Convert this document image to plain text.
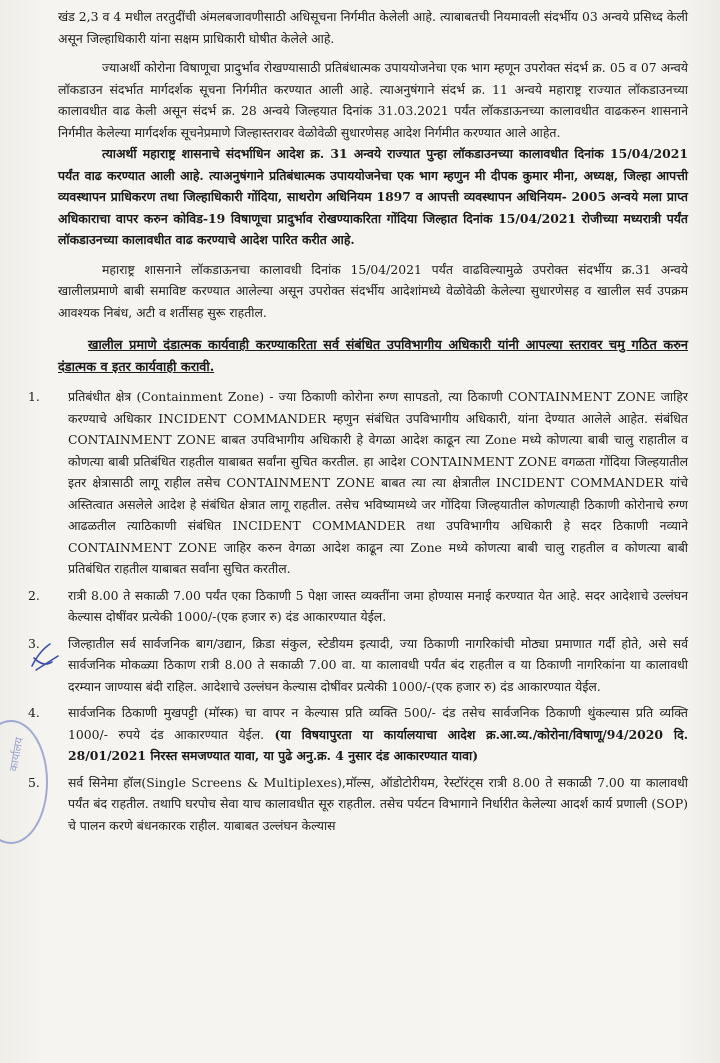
कार्यालय

खंड 2,3 व 4 मधील तरतुदींची अंमलबजावणीसाठी अधिसूचना निर्गमीत केलेली आहे. त्याबाबतची नियमावली संदर्भीय 03 अन्वये प्रसिध्द केली असून जिल्हाधिकारी यांना सक्षम प्राधिकारी घोषीत केलेले आहे.

ज्याअर्थी कोरोना विषाणूचा प्रादुर्भाव रोखण्यासाठी प्रतिबंधात्मक उपाययोजनेचा एक भाग म्हणून उपरोक्त संदर्भ क्र. 05 व 07 अन्वये लॉकडाउन संदर्भात मार्गदर्शक सूचना निर्गमीत करण्यात आली आहे. त्याअनुषंगाने संदर्भ क्र. 11 अन्वये महाराष्ट्र राज्यात लॉकडाउनच्या कालावधीत वाढ केली असून संदर्भ क्र. 28 अन्वये जिल्हयात दिनांक 31.03.2021 पर्यंत लॉकडाऊनच्या कालावधीत वाढकरुन शासनाने निर्गमीत केलेल्या मार्गदर्शक सूचनेप्रमाणे जिल्हास्तरावर वेळोवेळी सुधारणेसह आदेश निर्गमीत करण्यात आले आहेत.

त्याअर्थी महाराष्ट्र शासनाचे संदर्भाधिन आदेश क्र. 31 अन्वये राज्यात पुन्हा लॉकडाउनच्या कालावधीत दिनांक 15/04/2021 पर्यंत वाढ करण्यात आली आहे. त्याअनुषंगाने प्रतिबंधात्मक उपाययोजनेचा एक भाग म्हणुन मी दीपक कुमार मीना, अध्यक्ष, जिल्हा आपत्ती व्यवस्थापन प्राधिकरण तथा जिल्हाधिकारी गोंदिया, साथरोग अधिनियम 1897 व आपत्ती व्यवस्थापन अधिनियम- 2005 अन्वये मला प्राप्त अधिकाराचा वापर करुन कोविड-19 विषाणूचा प्रादुर्भाव रोखण्याकरिता गोंदिया जिल्हात दिनांक 15/04/2021 रोजीच्या मध्यरात्री पर्यंत लॉकडाउनच्या कालावधीत वाढ करण्याचे आदेश पारित करीत आहे.

महाराष्ट्र शासनाने लॉकडाऊनचा कालावधी दिनांक 15/04/2021 पर्यंत वाढविल्यामुळे उपरोक्त संदर्भीय क्र.31 अन्वये खालीलप्रमाणे बाबी समाविष्ट करण्यात आलेल्या असून उपरोक्त संदर्भीय आदेशांमध्ये वेळोवेळी केलेल्या सुधारणेसह व खालील सर्व उपक्रम आवश्यक निबंध, अटी व शर्तीसह सुरू राहतील.

खालील प्रमाणे दंडात्मक कार्यवाही करण्याकरिता सर्व संबंधित उपविभागीय अधिकारी यांनी आपल्या स्तरावर चमु गठित करुन दंडात्मक व इतर कार्यवाही करावी.

1. प्रतिबंधीत क्षेत्र (Containment Zone) - ज्या ठिकाणी कोरोना रुग्ण सापडतो, त्या ठिकाणी CONTAINMENT ZONE जाहिर करण्याचे अधिकार INCIDENT COMMANDER म्हणुन संबंधित उपविभागीय अधिकारी, यांना देण्यात आलेले आहेत. संबंधित CONTAINMENT ZONE बाबत उपविभागीय अधिकारी हे वेगळा आदेश काढून त्या Zone मध्ये कोणत्या बाबी चालु राहातील व कोणत्या बाबी प्रतिबंधित राहतील याबाबत सर्वांना सुचित करतील. हा आदेश CONTAINMENT ZONE वगळता गोंदिया जिल्हयातील इतर क्षेत्रासाठी लागू राहील तसेच CONTAINMENT ZONE बाबत त्या त्या क्षेत्रातील INCIDENT COMMANDER यांचे अस्तित्वात असलेले आदेश हे संबंधित क्षेत्रात लागू राहतील. तसेच भविष्यामध्ये जर गोंदिया जिल्हयातील कोणत्याही ठिकाणी कोरोनाचे रुग्ण आढळतील त्याठिकाणी संबंधित INCIDENT COMMANDER तथा उपविभागीय अधिकारी हे सदर ठिकाणी नव्याने CONTAINMENT ZONE जाहिर करुन वेगळा आदेश काढून त्या Zone मध्ये कोणत्या बाबी चालु राहतील व कोणत्या बाबी प्रतिबंधित राहतील याबाबत सर्वांना सुचित करतील.
2. रात्री 8.00 ते सकाळी 7.00 पर्यंत एका ठिकाणी 5 पेक्षा जास्त व्यक्तींना जमा होण्यास मनाई करण्यात येत आहे. सदर आदेशाचे उल्लंघन केल्यास दोषींवर प्रत्येकी 1000/-(एक हजार रु) दंड आकारण्यात येईल.
3. जिल्हातील सर्व सार्वजनिक बाग/उद्यान, क्रिडा संकुल, स्टेडीयम इत्यादी, ज्या ठिकाणी नागरिकांची मोठ्या प्रमाणात गर्दी होते, असे सर्व सार्वजनिक मोकळ्या ठिकाण रात्री 8.00 ते सकाळी 7.00 वा. या कालावधी पर्यंत बंद राहतील व या ठिकाणी नागरिकांना या कालावधी दरम्यान जाण्यास बंदी राहिल. आदेशाचे उल्लंघन केल्यास दोषींवर प्रत्येकी 1000/-(एक हजार रु) दंड आकारण्यात येईल.
4. सार्वजनिक ठिकाणी मुखपट्टी (मॉस्क) चा वापर न केल्यास प्रति व्यक्ति 500/- दंड तसेच सार्वजनिक ठिकाणी थुंकल्यास प्रति व्यक्ति 1000/- रुपये दंड आकारण्यात येईल. (या विषयापुरता या कार्यालयाचा आदेश क्र.आ.व्य./कोरोना/विषाणू/94/2020 दि. 28/01/2021 निरस्त समजण्यात यावा, या पुढे अनु.क्र. 4 नुसार दंड आकारण्यात यावा)
5. सर्व सिनेमा हॉल(Single Screens & Multiplexes),मॉल्स, ऑडोटोरीयम, रेस्टॉरंट्स रात्री 8.00 ते सकाळी 7.00 या कालावधी पर्यंत बंद राहतील. तथापि घरपोच सेवा याच कालावधीत सूरु राहतील. तसेच पर्यटन विभागाने निर्धारीत केलेल्या आदर्श कार्य प्रणाली (SOP) चे पालन करणे बंधनकारक राहील. याबाबत उल्लंघन केल्यास
